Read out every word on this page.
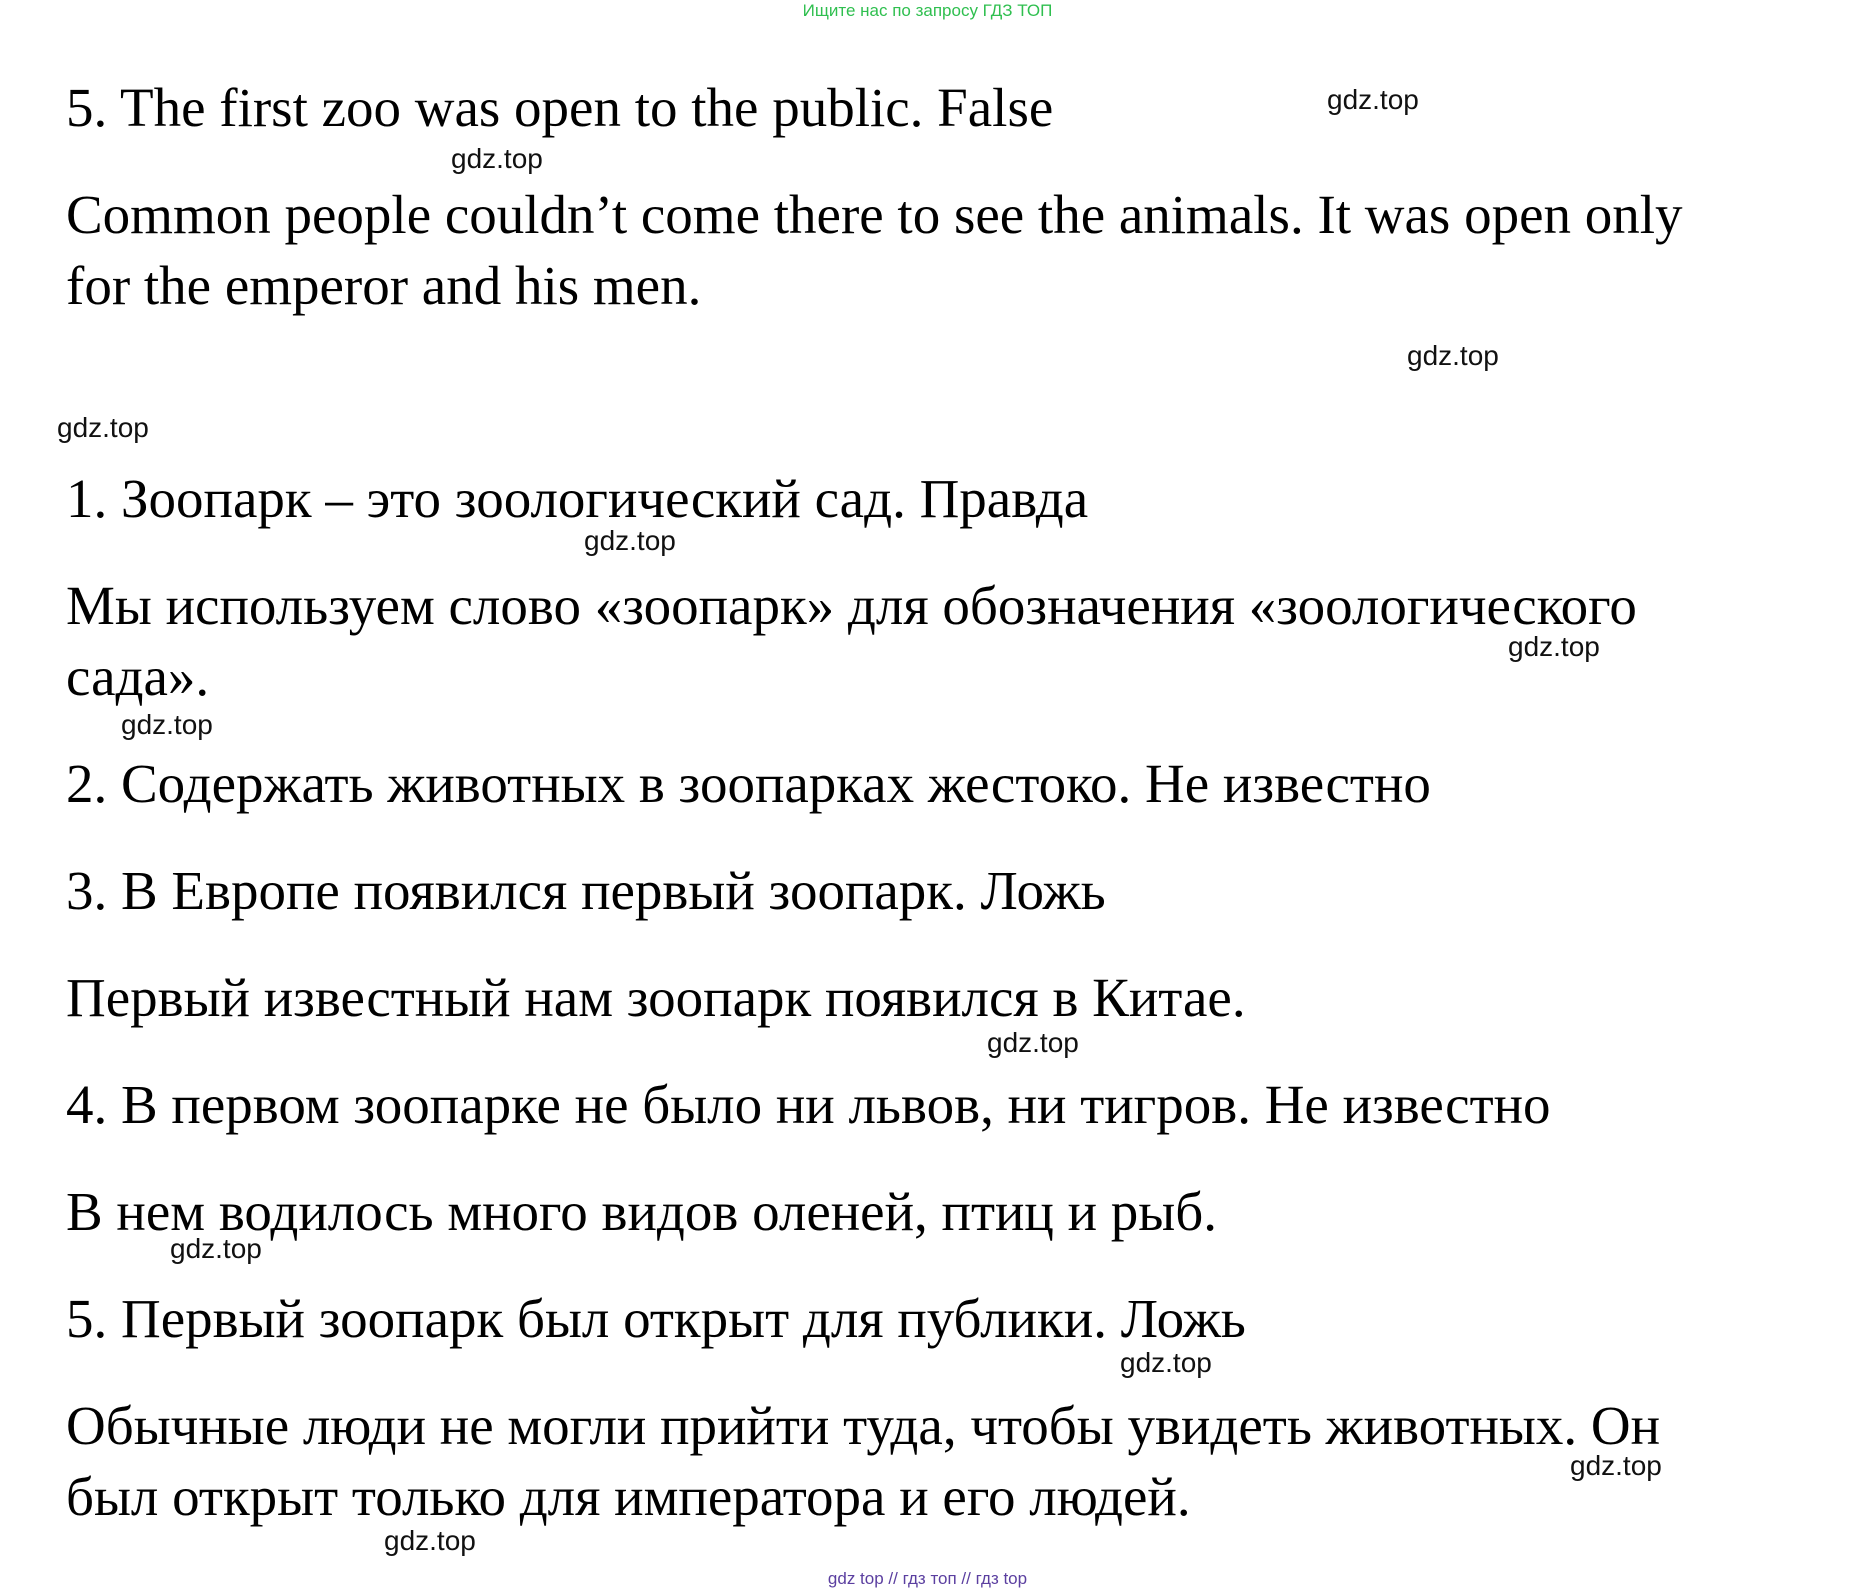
Ищите нас по запросу ГДЗ ТОП

5. The first zoo was open to the public. False

Common people couldn’t come there to see the animals. It was open only

for the emperor and his men.

1. Зоопарк – это зоологический сад. Правда

Мы используем слово «зоопарк» для обозначения «зоологического

сада».

2. Содержать животных в зоопарках жестоко. Не известно

3. В Европе появился первый зоопарк. Ложь

Первый известный нам зоопарк появился в Китае.

4. В первом зоопарке не было ни львов, ни тигров. Не известно

В нем водилось много видов оленей, птиц и рыб.

5. Первый зоопарк был открыт для публики. Ложь

Обычные люди не могли прийти туда, чтобы увидеть животных. Он

был открыт только для императора и его людей.

gdz.top
gdz.top
gdz.top
gdz.top
gdz.top
gdz.top
gdz.top
gdz.top
gdz.top
gdz.top
gdz.top
gdz.top
gdz top // гдз топ // гдз top
